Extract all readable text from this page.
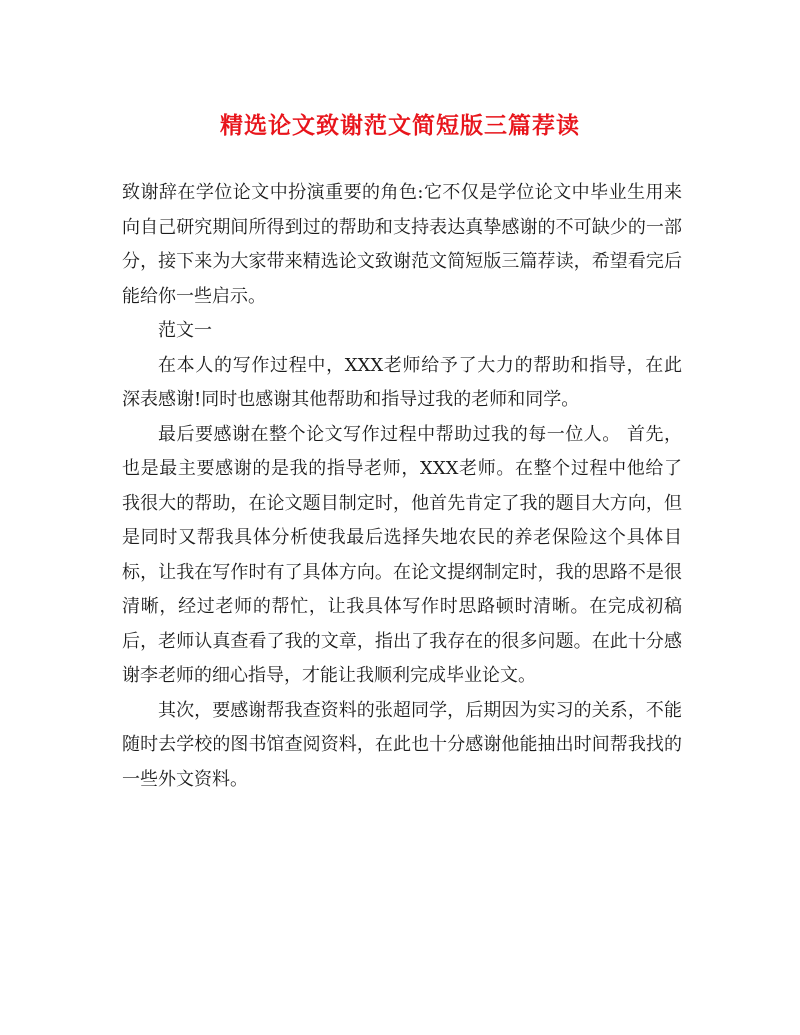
精选论文致谢范文简短版三篇荐读

致谢辞在学位论文中扮演重要的角色:它不仅是学位论文中毕业生用来向自己研究期间所得到过的帮助和支持表达真挚感谢的不可缺少的一部分，接下来为大家带来精选论文致谢范文简短版三篇荐读，希望看完后能给你一些启示。

范文一

在本人的写作过程中，XXX老师给予了大力的帮助和指导，在此深表感谢!同时也感谢其他帮助和指导过我的老师和同学。

最后要感谢在整个论文写作过程中帮助过我的每一位人。 首先，也是最主要感谢的是我的指导老师，XXX老师。在整个过程中他给了我很大的帮助，在论文题目制定时，他首先肯定了我的题目大方向，但是同时又帮我具体分析使我最后选择失地农民的养老保险这个具体目标，让我在写作时有了具体方向。在论文提纲制定时，我的思路不是很清晰，经过老师的帮忙，让我具体写作时思路顿时清晰。在完成初稿后，老师认真查看了我的文章，指出了我存在的很多问题。在此十分感谢李老师的细心指导，才能让我顺利完成毕业论文。

其次，要感谢帮我查资料的张超同学，后期因为实习的关系，不能随时去学校的图书馆查阅资料，在此也十分感谢他能抽出时间帮我找的一些外文资料。
